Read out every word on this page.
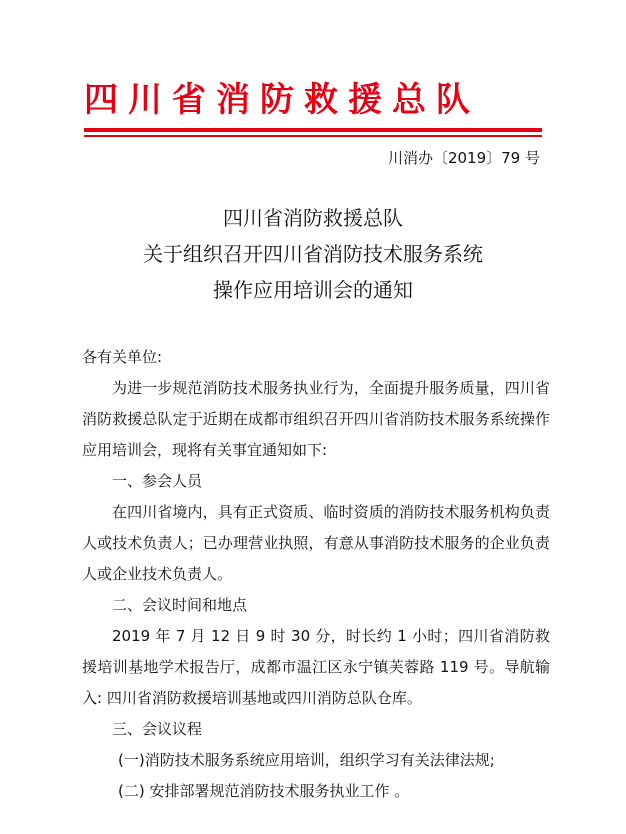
四川省消防救援总队
川消办〔2019〕79 号
四川省消防救援总队
关于组织召开四川省消防技术服务系统
操作应用培训会的通知

各有关单位:

为进一步规范消防技术服务执业行为，全面提升服务质量，四川省消防救援总队定于近期在成都市组织召开四川省消防技术服务系统操作应用培训会，现将有关事宜通知如下:

一、参会人员

在四川省境内，具有正式资质、临时资质的消防技术服务机构负责人或技术负责人；已办理营业执照，有意从事消防技术服务的企业负责人或企业技术负责人。

二、会议时间和地点

2019 年 7 月 12 日 9 时 30 分，时长约 1 小时；四川省消防救援培训基地学术报告厅，成都市温江区永宁镇芙蓉路 119 号。导航输入: 四川省消防救援培训基地或四川消防总队仓库。

三、会议议程

(一)消防技术服务系统应用培训，组织学习有关法律法规;

(二) 安排部署规范消防技术服务执业工作 。
